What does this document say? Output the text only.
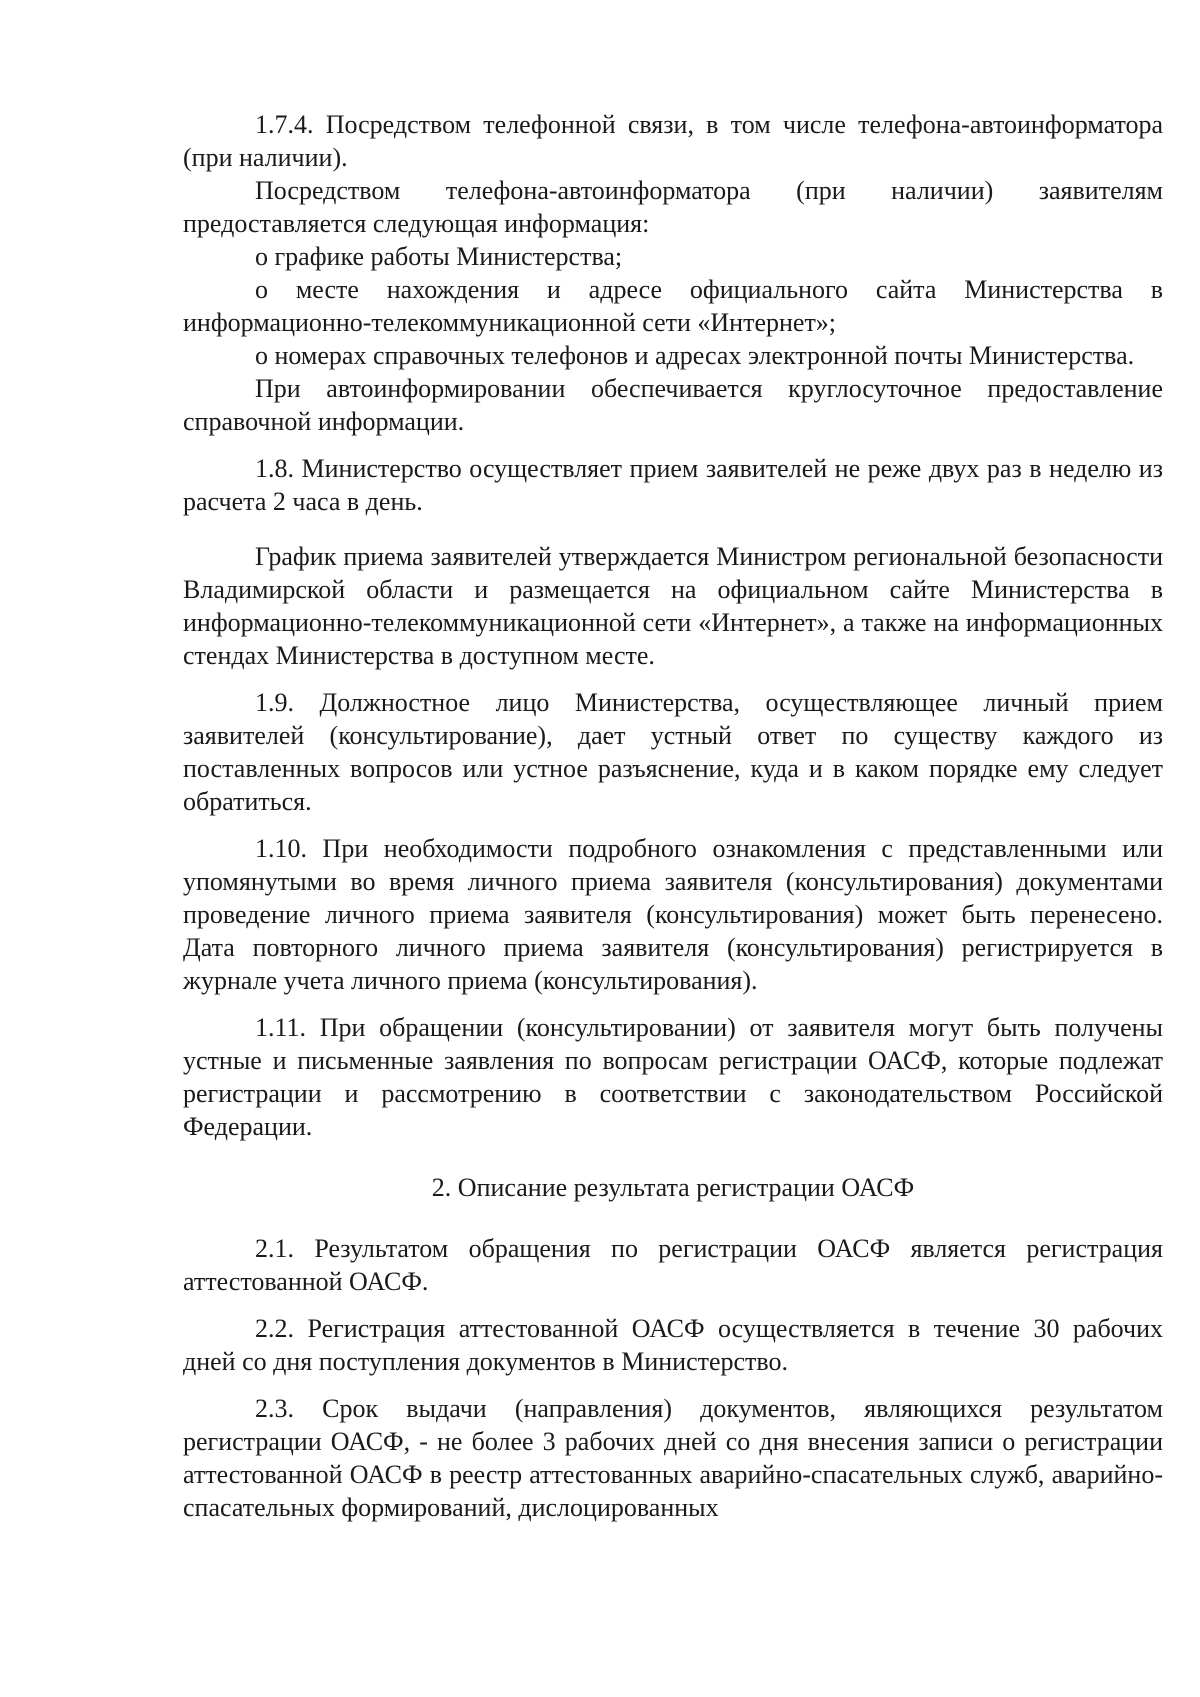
1.7.4. Посредством телефонной связи, в том числе телефона-автоинформатора (при наличии).

Посредством телефона-автоинформатора (при наличии) заявителям предоставляется следующая информация:

о графике работы Министерства;

о месте нахождения и адресе официального сайта Министерства в информационно-телекоммуникационной сети «Интернет»;

о номерах справочных телефонов и адресах электронной почты Министерства.

При автоинформировании обеспечивается круглосуточное предоставление справочной информации.

1.8. Министерство осуществляет прием заявителей не реже двух раз в неделю из расчета 2 часа в день.

График приема заявителей утверждается Министром региональной безопасности Владимирской области и размещается на официальном сайте Министерства в информационно-телекоммуникационной сети «Интернет», а также на информационных стендах Министерства в доступном месте.

1.9. Должностное лицо Министерства, осуществляющее личный прием заявителей (консультирование), дает устный ответ по существу каждого из поставленных вопросов или устное разъяснение, куда и в каком порядке ему следует обратиться.

1.10. При необходимости подробного ознакомления с представленными или упомянутыми во время личного приема заявителя (консультирования) документами проведение личного приема заявителя (консультирования) может быть перенесено. Дата повторного личного приема заявителя (консультирования) регистрируется в журнале учета личного приема (консультирования).

1.11. При обращении (консультировании) от заявителя могут быть получены устные и письменные заявления по вопросам регистрации ОАСФ, которые подлежат регистрации и рассмотрению в соответствии с законодательством Российской Федерации.

2. Описание результата регистрации ОАСФ

2.1. Результатом обращения по регистрации ОАСФ является регистрация аттестованной ОАСФ.

2.2. Регистрация аттестованной ОАСФ осуществляется в течение 30 рабочих дней со дня поступления документов в Министерство.

2.3. Срок выдачи (направления) документов, являющихся результатом регистрации ОАСФ, - не более 3 рабочих дней со дня внесения записи о регистрации аттестованной ОАСФ в реестр аттестованных аварийно-спасательных служб, аварийно-спасательных формирований, дислоцированных
